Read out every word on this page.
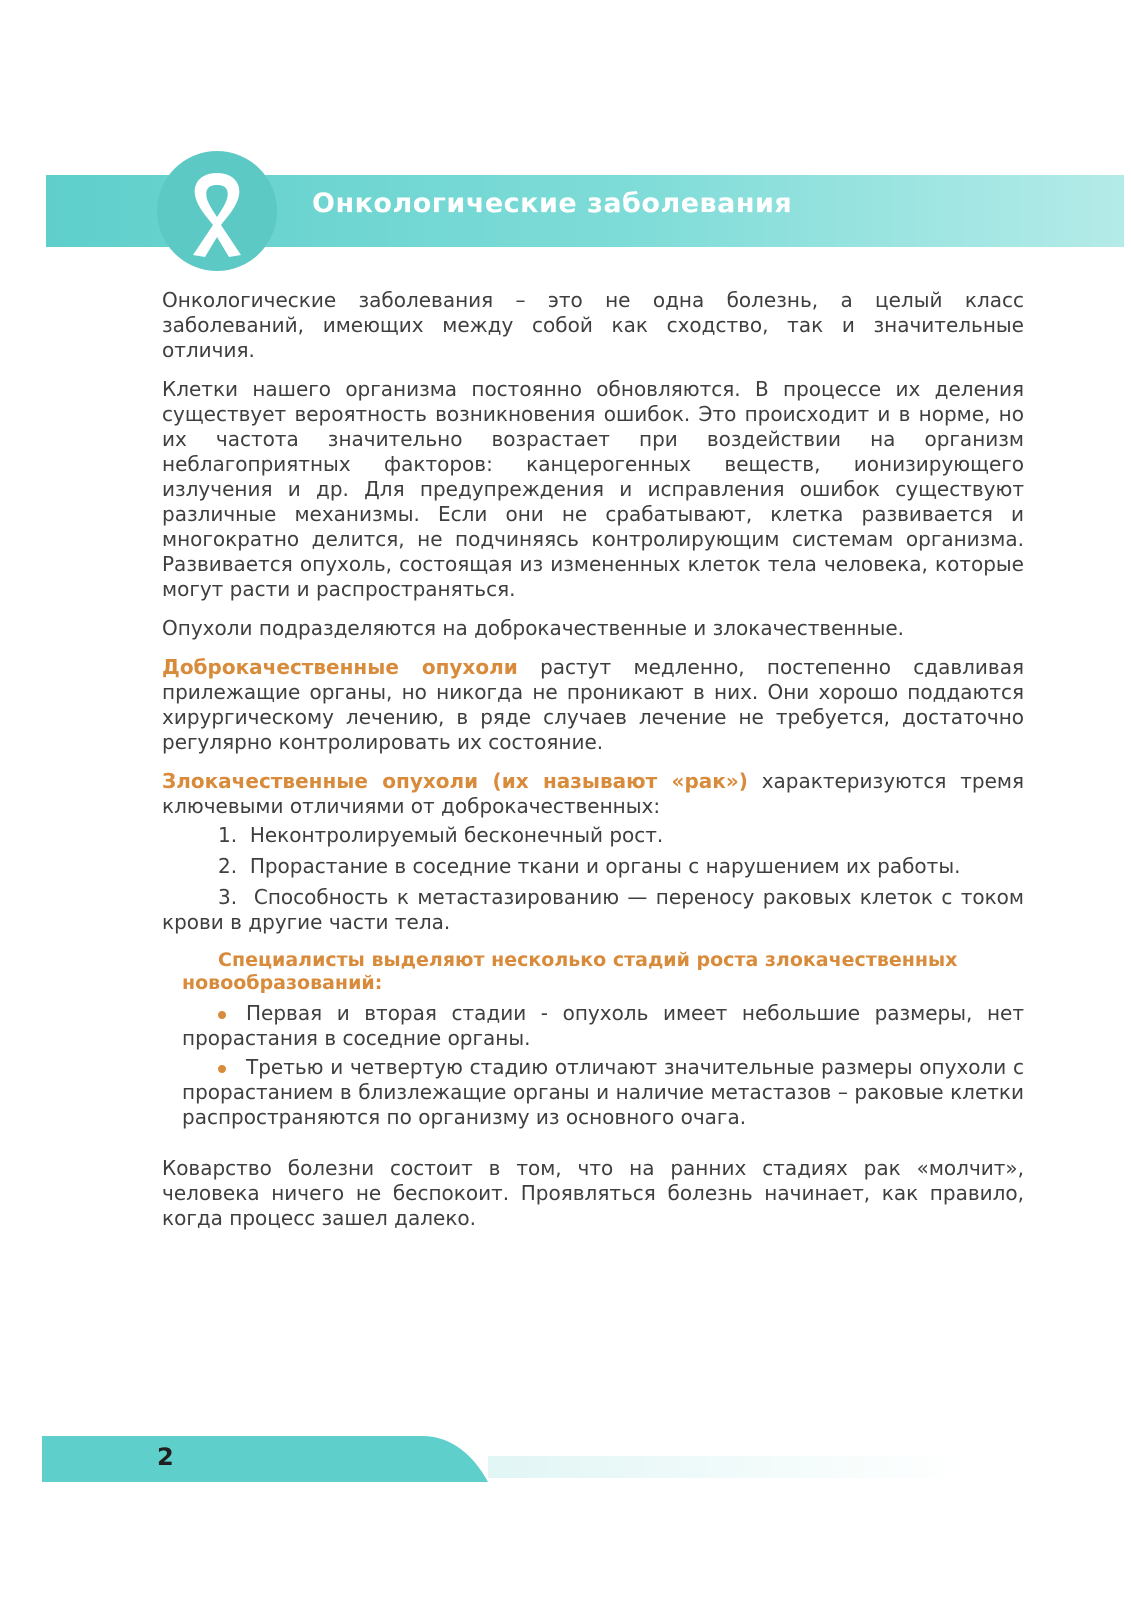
Онкологические заболевания

Онкологические заболевания – это не одна болезнь, а целый класс заболеваний, имеющих между собой как сходство, так и значительные отличия.

Клетки нашего организма постоянно обновляются. В процессе их деления существует вероятность возникновения ошибок. Это происходит и в норме, но их частота значительно возрастает при воздействии на организм неблагоприятных факторов: канцерогенных веществ, ионизирующего излучения и др. Для предупреждения и исправления ошибок существуют различные механизмы. Если они не срабатывают, клетка развивается и многократно делится, не подчиняясь контролирующим системам организма. Развивается опухоль, состоящая из измененных клеток тела человека, которые могут расти и распространяться.

Опухоли подразделяются на доброкачественные и злокачественные.

Доброкачественные опухоли растут медленно, постепенно сдавливая прилежащие органы, но никогда не проникают в них. Они хорошо поддаются хирургическому лечению, в ряде случаев лечение не требуется, достаточно регулярно контролировать их состояние.

Злокачественные опухоли (их называют «рак») характеризуются тремя ключевыми отличиями от доброкачественных:

1. Неконтролируемый бесконечный рост.
2. Прорастание в соседние ткани и органы с нарушением их работы.
3. Способность к метастазированию — переносу раковых клеток с током крови в другие части тела.
Специалисты выделяют несколько стадий роста злокачественных новообразований:
Первая и вторая стадии - опухоль имеет небольшие размеры, нет прорастания в соседние органы.
Третью и четвертую стадию отличают значительные размеры опухоли с прорастанием в близлежащие органы и наличие метастазов – раковые клетки распространяются по организму из основного очага.

Коварство болезни состоит в том, что на ранних стадиях рак «молчит», человека ничего не беспокоит. Проявляться болезнь начинает, как правило, когда процесс зашел далеко.

2
